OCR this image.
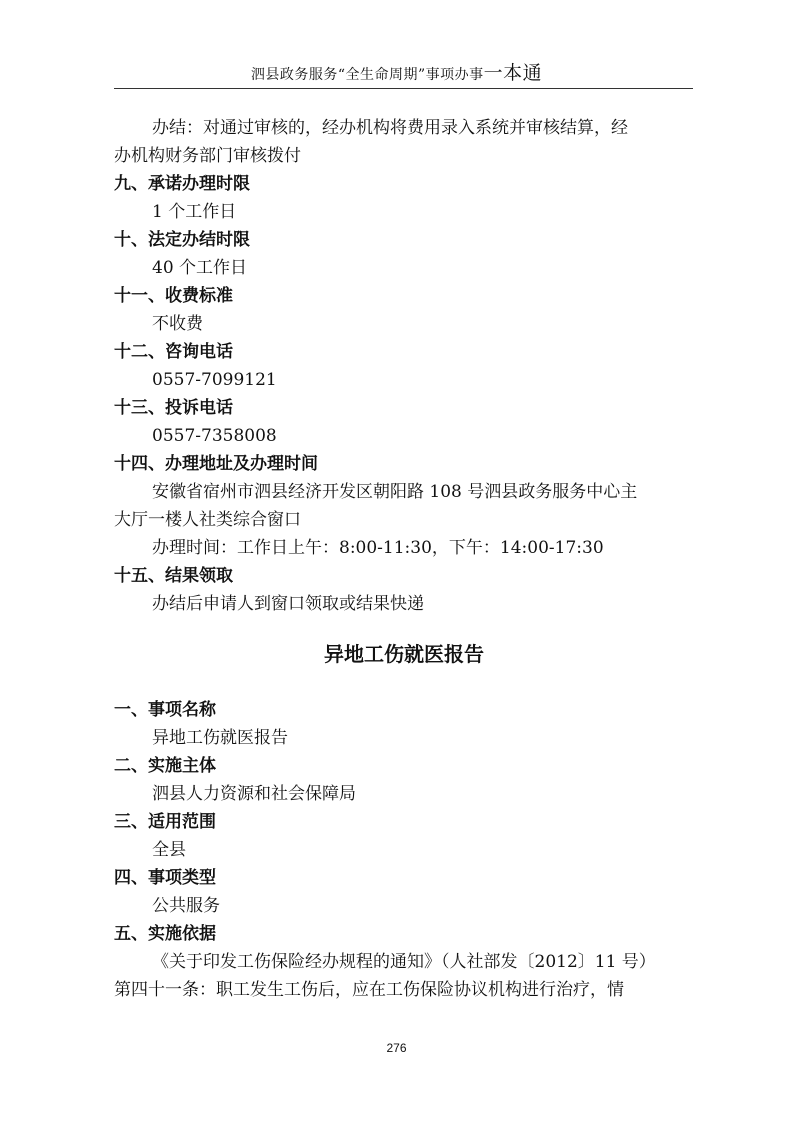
泗县政务服务“全生命周期”事项办事一本通

办结：对通过审核的，经办机构将费用录入系统并审核结算，经

办机构财务部门审核拨付

九、承诺办理时限

1 个工作日

十、法定办结时限

40 个工作日

十一、收费标准

不收费

十二、咨询电话

0557-7099121

十三、投诉电话

0557-7358008

十四、办理地址及办理时间

安徽省宿州市泗县经济开发区朝阳路 108 号泗县政务服务中心主

大厅一楼人社类综合窗口

办理时间：工作日上午：8:00-11:30，下午：14:00-17:30

十五、结果领取

办结后申请人到窗口领取或结果快递

异地工伤就医报告

一、事项名称

异地工伤就医报告

二、实施主体

泗县人力资源和社会保障局

三、适用范围

全县

四、事项类型

公共服务

五、实施依据

《关于印发工伤保险经办规程的通知》（人社部发〔2012〕11 号）

第四十一条：职工发生工伤后，应在工伤保险协议机构进行治疗，情

276
